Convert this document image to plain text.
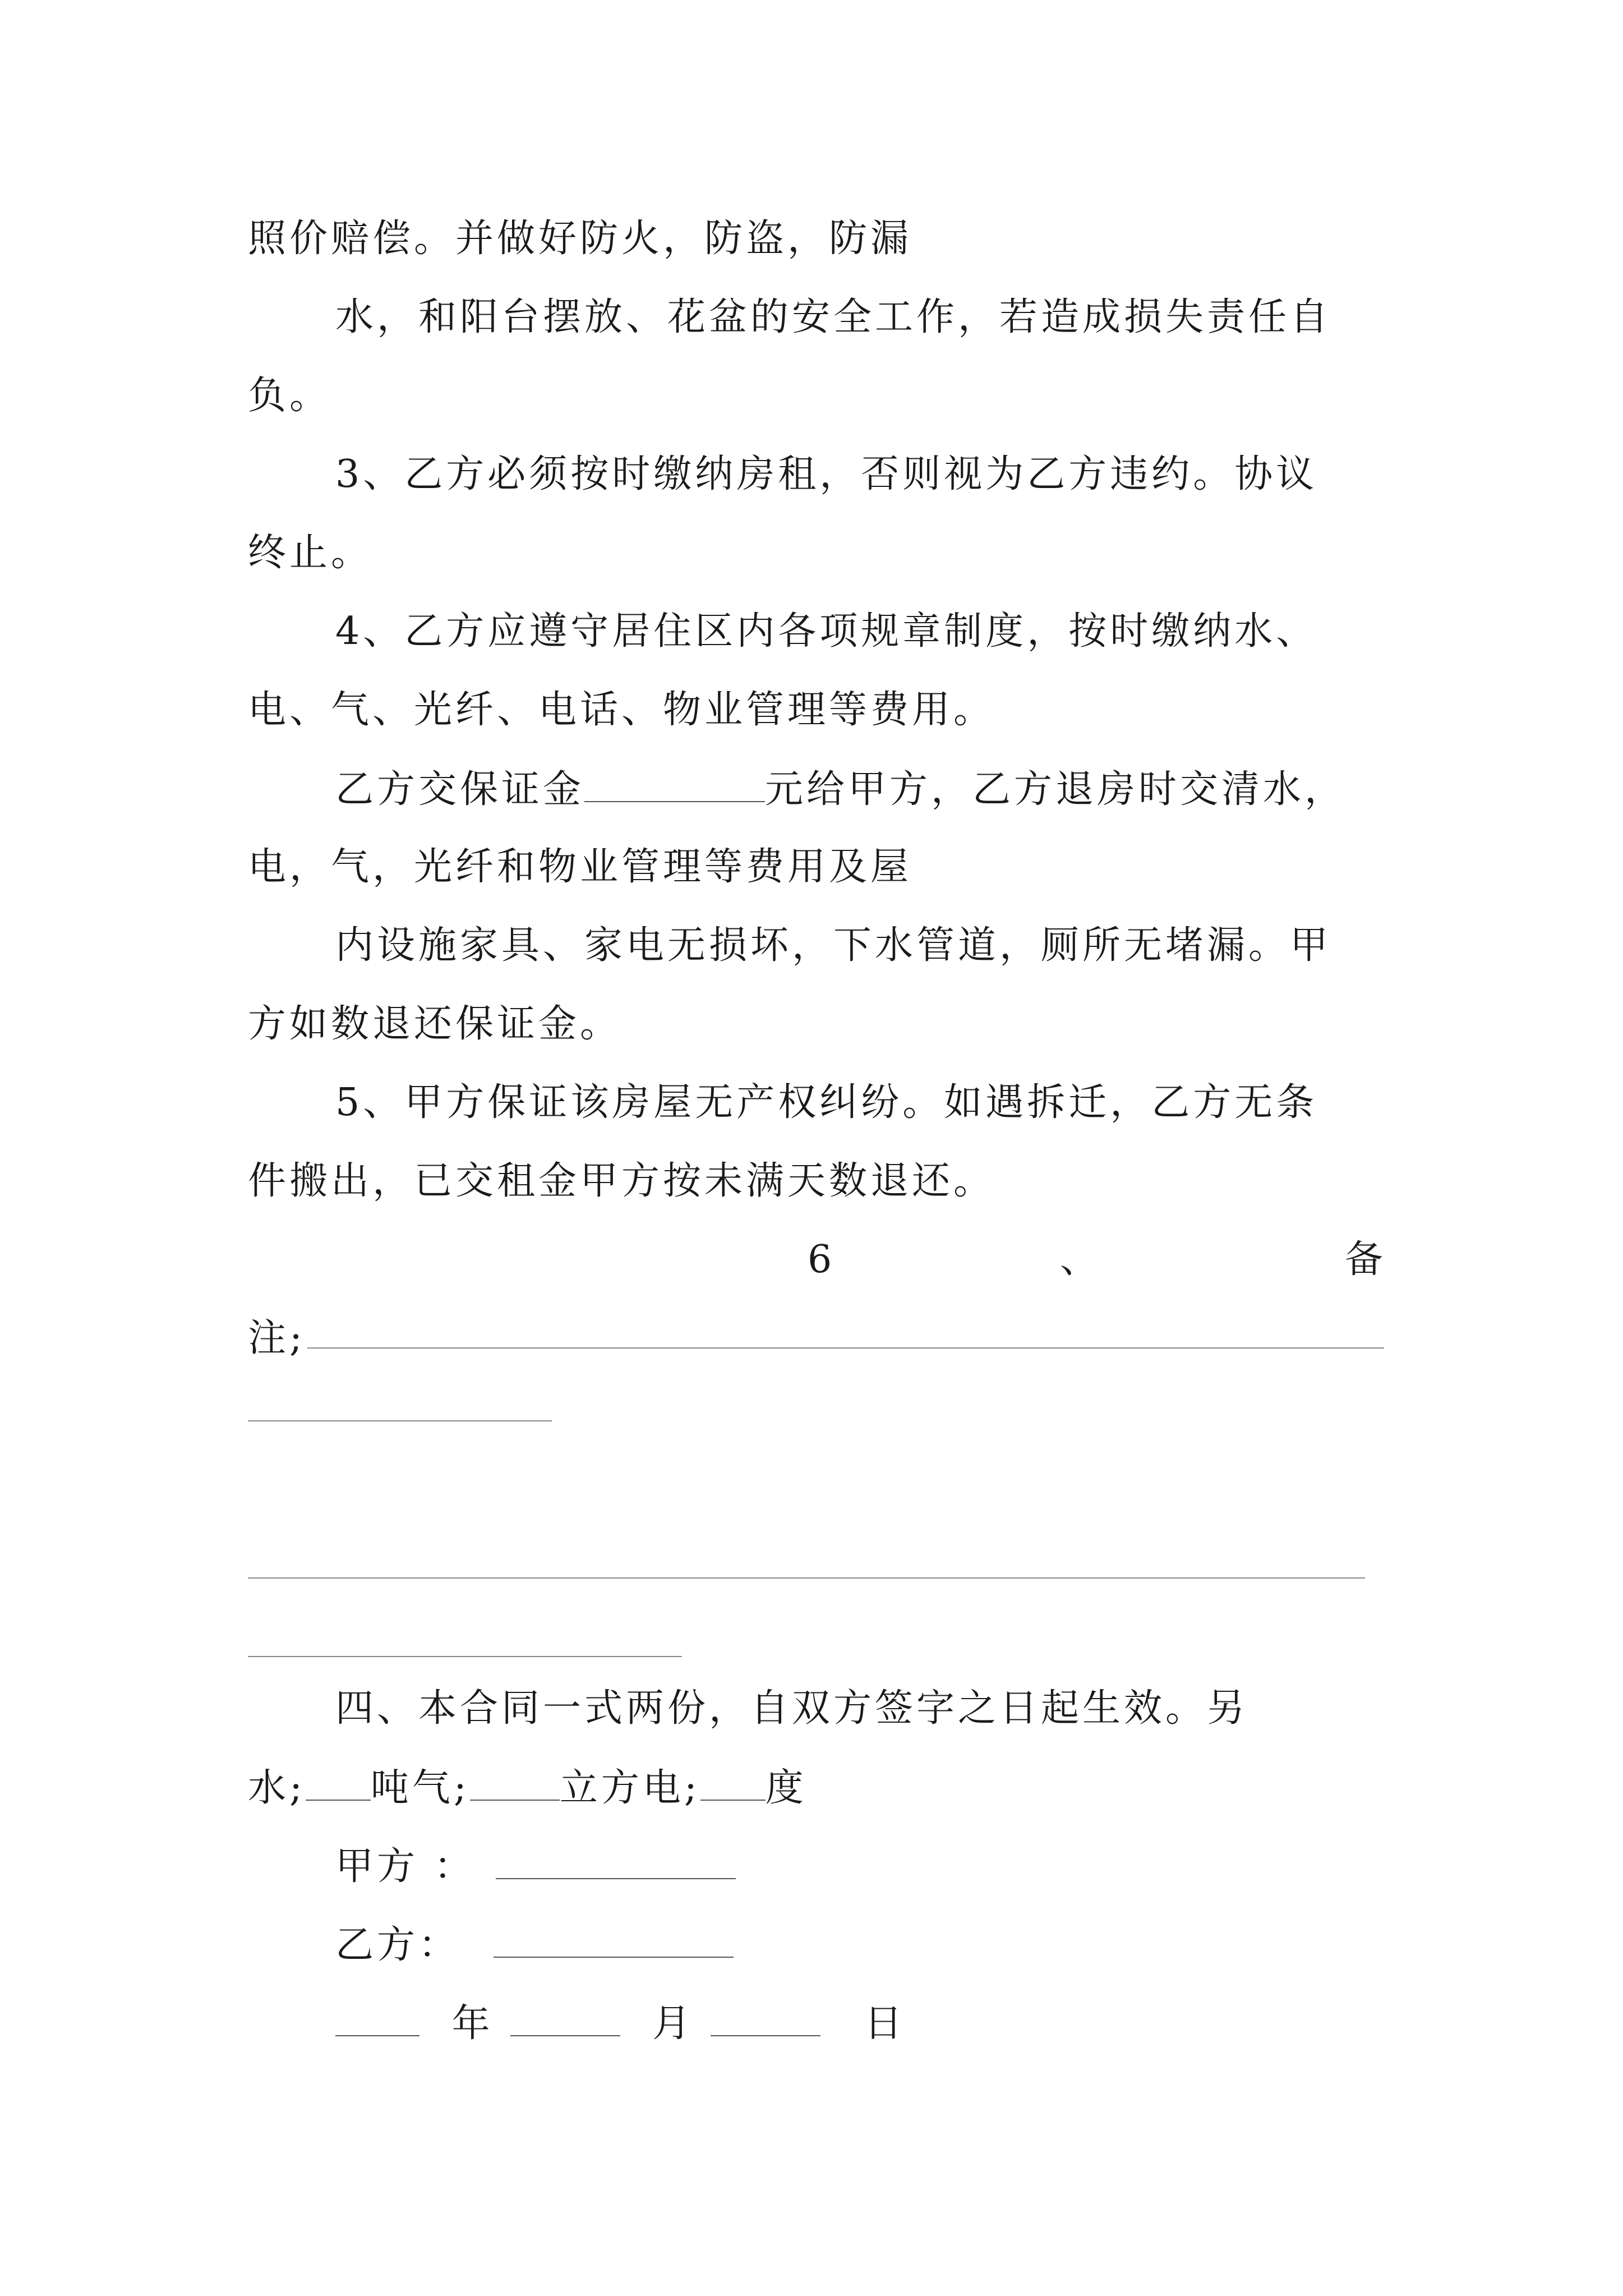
照价赔偿。并做好防火，防盗，防漏
水，和阳台摆放、花盆的安全工作，若造成损失责任自
负。
3、乙方必须按时缴纳房租，否则视为乙方违约。协议
终止。
4、乙方应遵守居住区内各项规章制度，按时缴纳水、
电、气、光纤、电话、物业管理等费用。
乙方交保证金	元给甲方，乙方退房时交清水，
电，气，光纤和物业管理等费用及屋
内设施家具、家电无损坏，下水管道，厕所无堵漏。甲
方如数退还保证金。
5、甲方保证该房屋无产权纠纷。如遇拆迁，乙方无条
件搬出，已交租金甲方按未满天数退还。
6	、	备
注;
四、本合同一式两份，自双方签字之日起生效。另
水; 吨气; 立方电; 度
甲方 ：
乙方：
年	月	日
